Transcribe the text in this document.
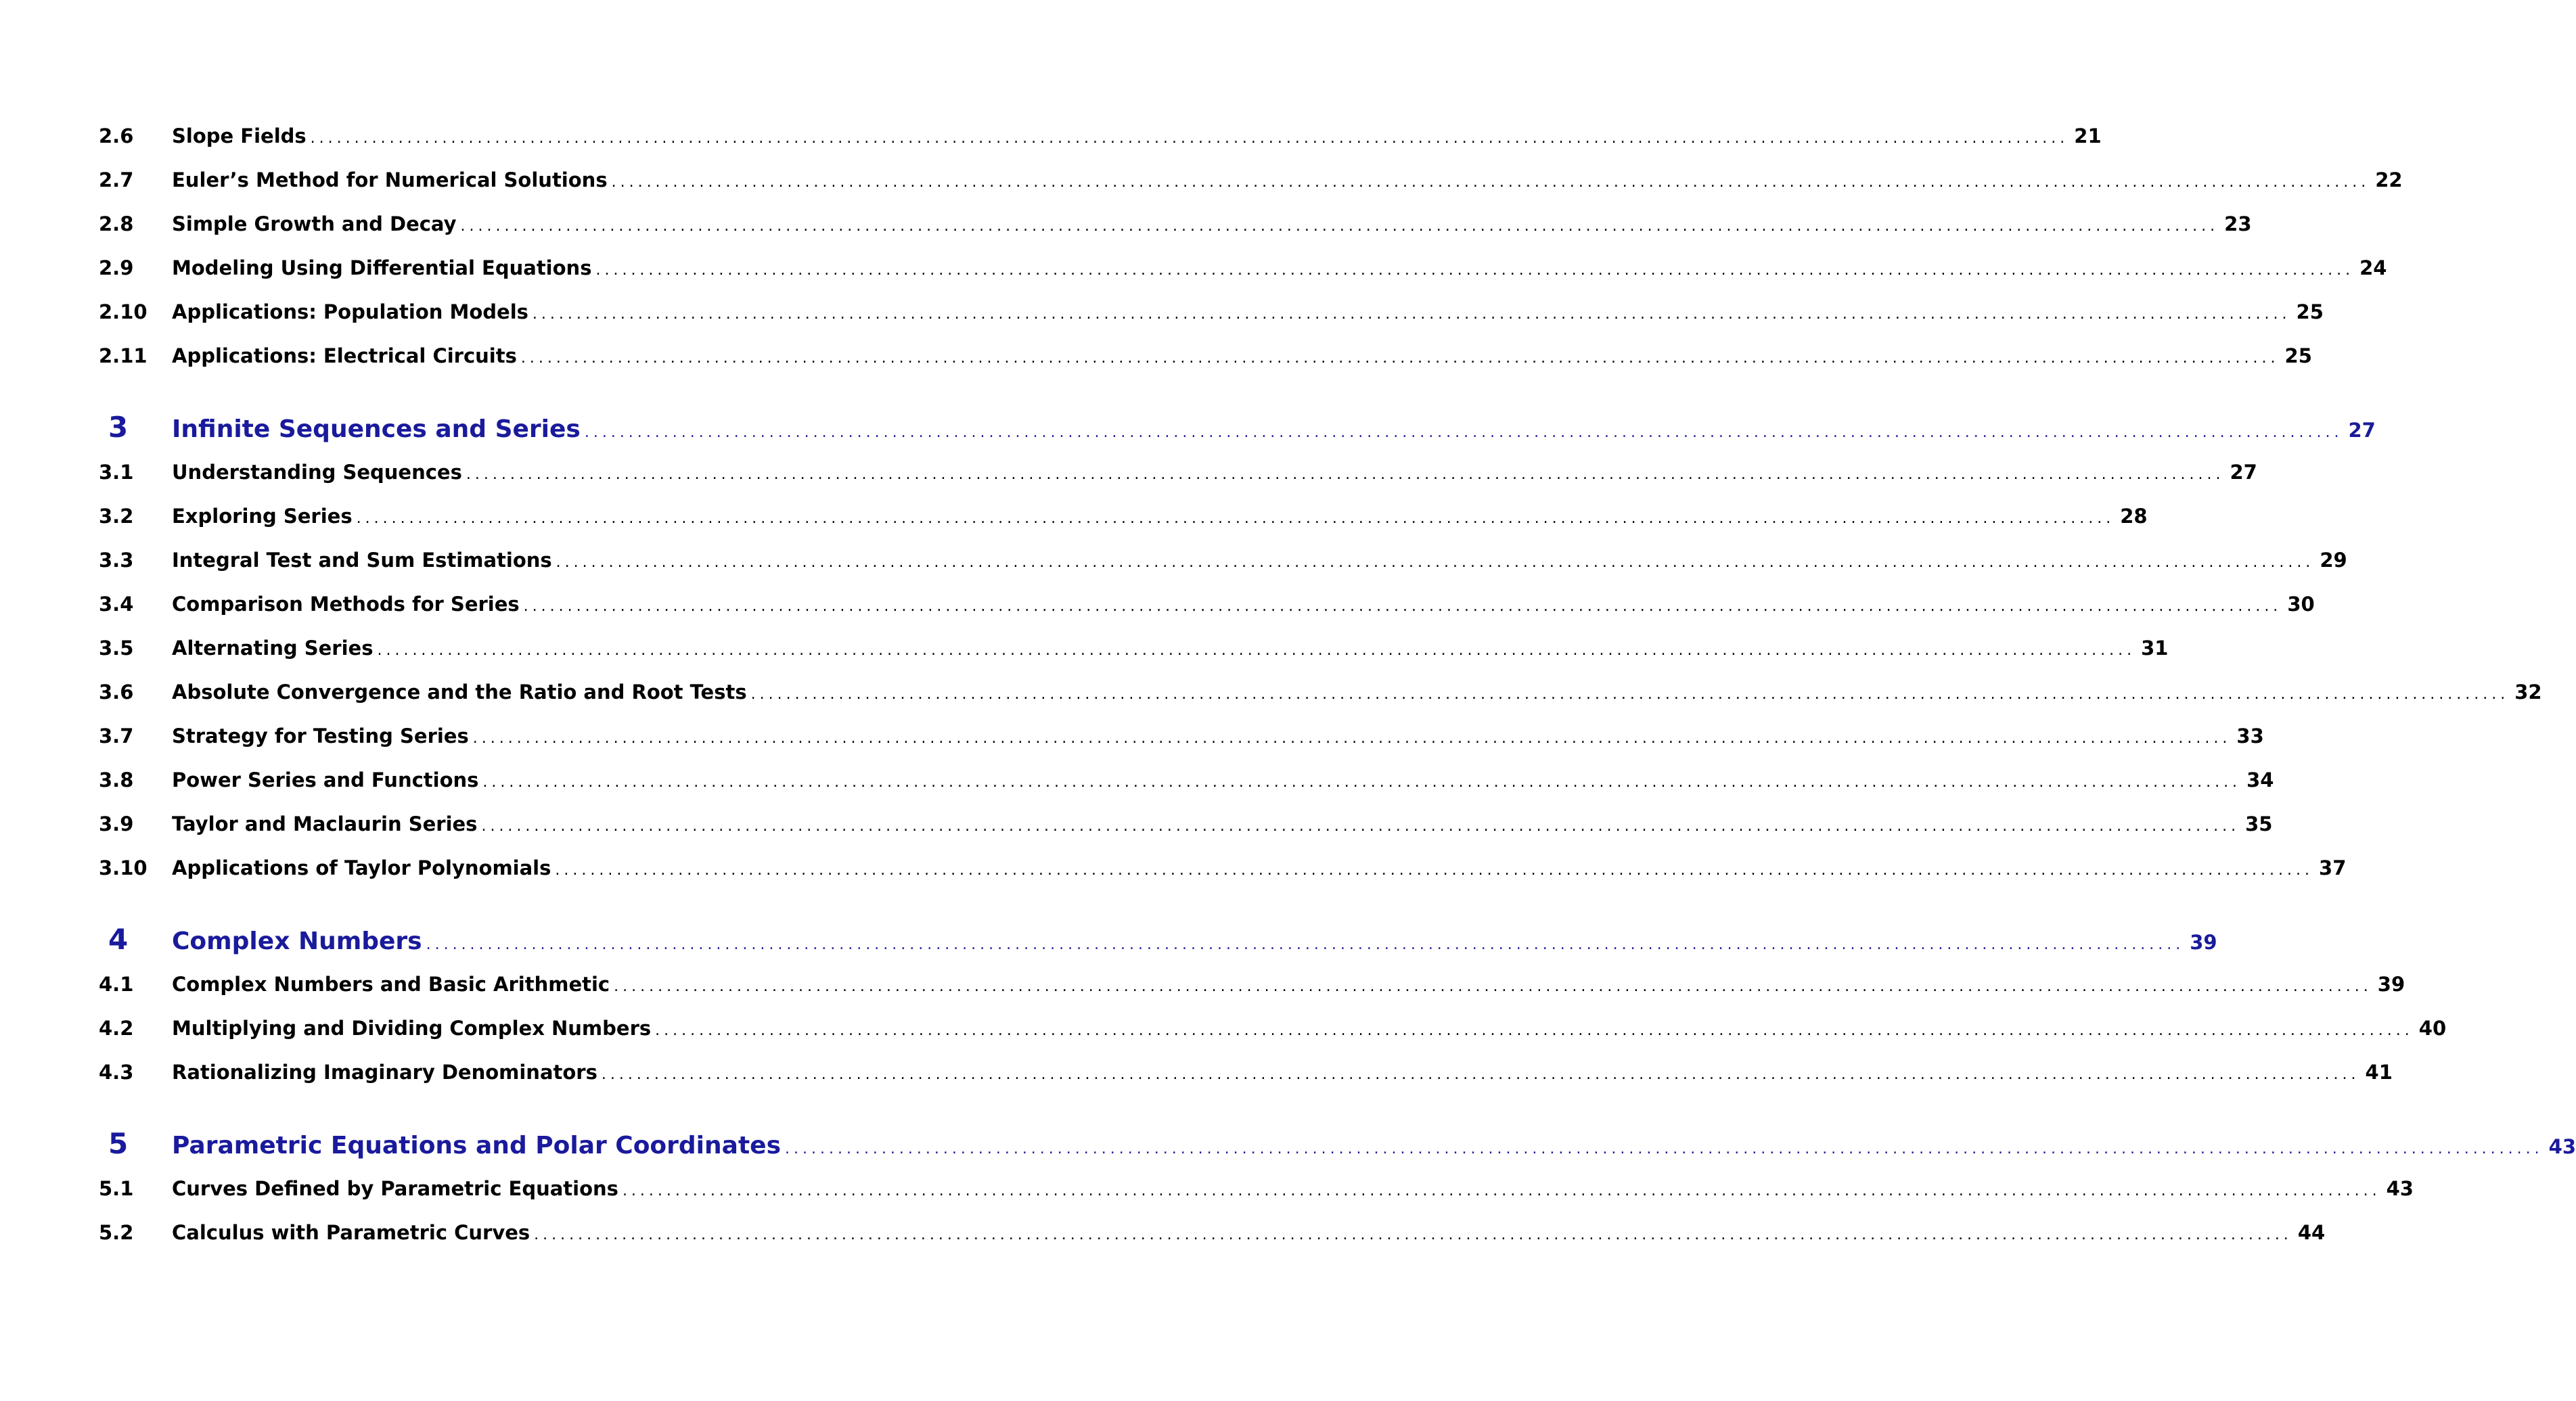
2.6	Slope Fields ........................................................................................................................................................................................................ 21
2.7	Euler’s Method for Numerical Solutions ........................................................................................................................................................................................................ 22
2.8	Simple Growth and Decay ........................................................................................................................................................................................................ 23
2.9	Modeling Using Differential Equations ........................................................................................................................................................................................................ 24
2.10	Applications: Population Models ........................................................................................................................................................................................................ 25
2.11	Applications: Electrical Circuits ........................................................................................................................................................................................................ 25
3	Infinite Sequences and Series ........................................................................................................................................................................................................ 27
3.1	Understanding Sequences ........................................................................................................................................................................................................ 27
3.2	Exploring Series ........................................................................................................................................................................................................ 28
3.3	Integral Test and Sum Estimations ........................................................................................................................................................................................................ 29
3.4	Comparison Methods for Series ........................................................................................................................................................................................................ 30
3.5	Alternating Series ........................................................................................................................................................................................................ 31
3.6	Absolute Convergence and the Ratio and Root Tests ........................................................................................................................................................................................................ 32
3.7	Strategy for Testing Series ........................................................................................................................................................................................................ 33
3.8	Power Series and Functions ........................................................................................................................................................................................................ 34
3.9	Taylor and Maclaurin Series ........................................................................................................................................................................................................ 35
3.10	Applications of Taylor Polynomials ........................................................................................................................................................................................................ 37
4	Complex Numbers ........................................................................................................................................................................................................ 39
4.1	Complex Numbers and Basic Arithmetic ........................................................................................................................................................................................................ 39
4.2	Multiplying and Dividing Complex Numbers ........................................................................................................................................................................................................ 40
4.3	Rationalizing Imaginary Denominators ........................................................................................................................................................................................................ 41
5	Parametric Equations and Polar Coordinates ........................................................................................................................................................................................................ 43
5.1	Curves Defined by Parametric Equations ........................................................................................................................................................................................................ 43
5.2	Calculus with Parametric Curves ........................................................................................................................................................................................................ 44
